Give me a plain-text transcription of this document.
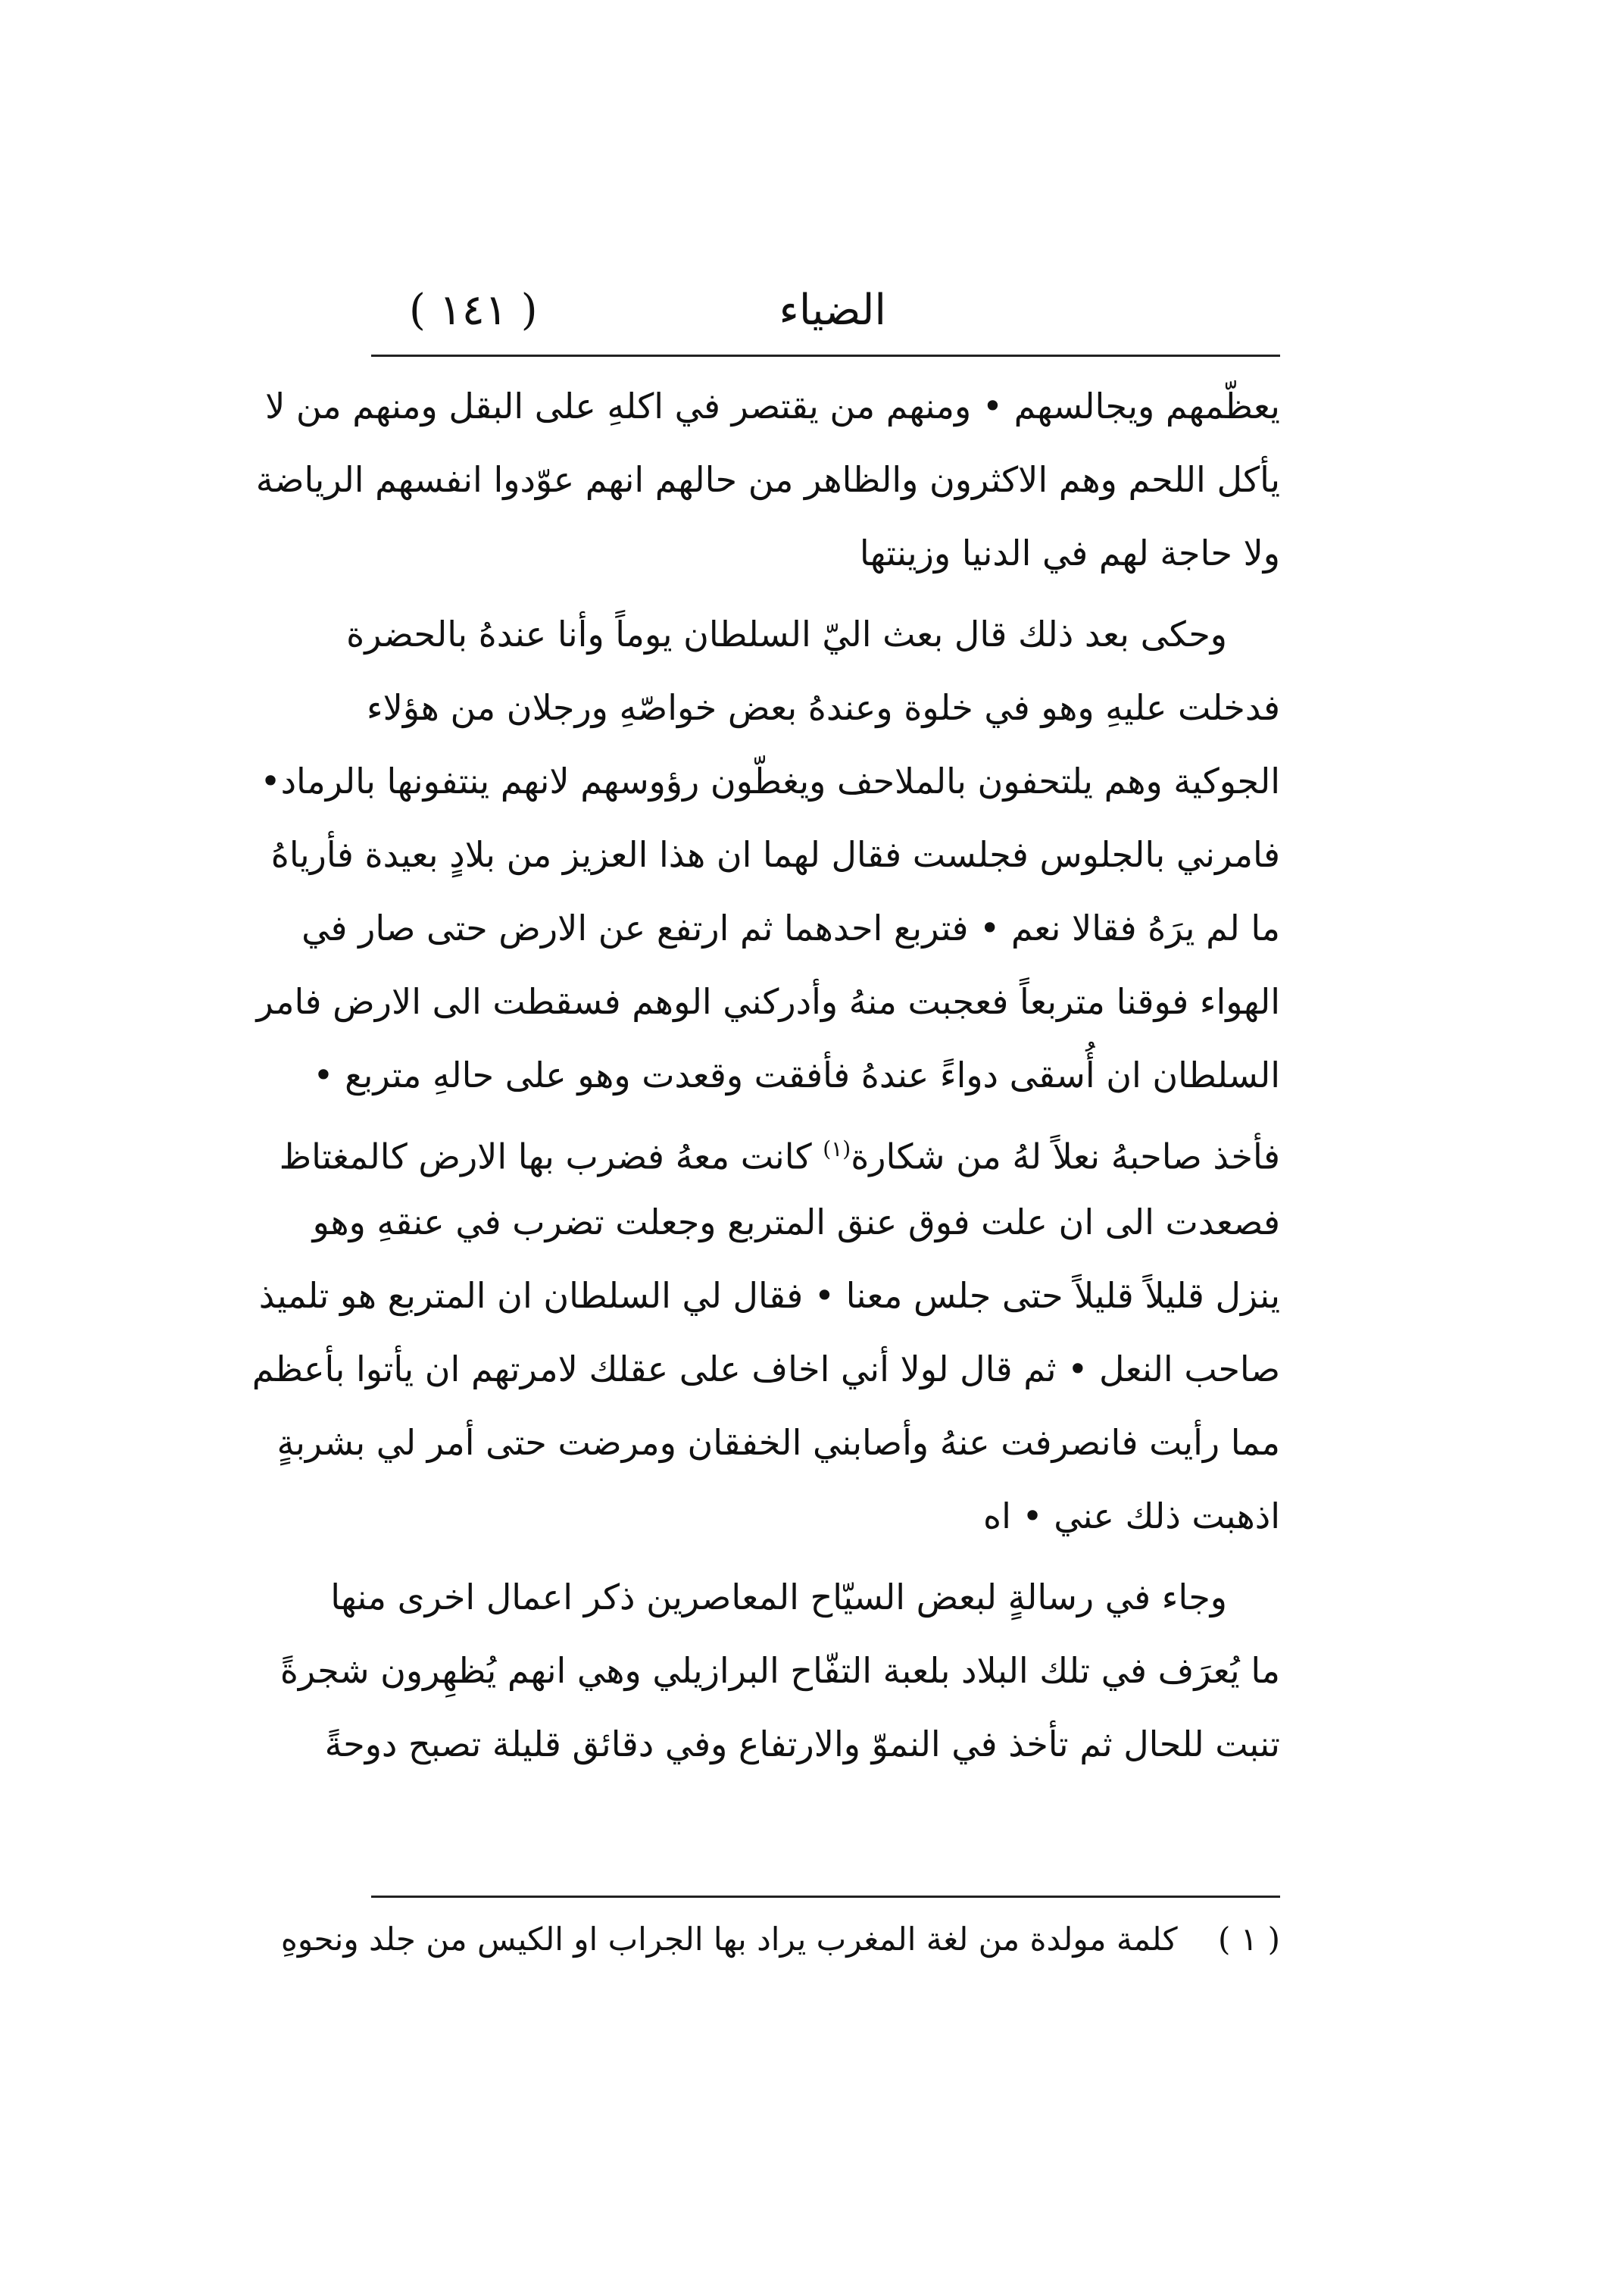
الضياء
( ١٤١ )
يعظّمهم ويجالسهم • ومنهم من يقتصر في اكلهِ على البقل ومنهم من لا
يأكل اللحم وهم الاكثرون والظاهر من حالهم انهم عوّدوا انفسهم الرياضة
ولا حاجة لهم في الدنيا وزينتها
وحكى بعد ذلك قال بعث اليّ السلطان يوماً وأنا عندهُ بالحضرة
فدخلت عليهِ وهو في خلوة وعندهُ بعض خواصّهِ ورجلان من هؤلاء
الجوكية وهم يلتحفون بالملاحف ويغطّون رؤوسهم لانهم ينتفونها بالرماد•
فامرني بالجلوس فجلست فقال لهما ان هذا العزيز من بلادٍ بعيدة فأرياهُ
ما لم يرَهُ فقالا نعم • فتربع احدهما ثم ارتفع عن الارض حتى صار في
الهواء فوقنا متربعاً فعجبت منهُ وأدركني الوهم فسقطت الى الارض فامر
السلطان ان أُسقى دواءً عندهُ فأفقت وقعدت وهو على حالهِ متربع •
فأخذ صاحبهُ نعلاً لهُ من شكارة$^{(١)}$ كانت معهُ فضرب بها الارض كالمغتاظ
فصعدت الى ان علت فوق عنق المتربع وجعلت تضرب في عنقهِ وهو
ينزل قليلاً قليلاً حتى جلس معنا • فقال لي السلطان ان المتربع هو تلميذ
صاحب النعل • ثم قال لولا أني اخاف على عقلك لامرتهم ان يأتوا بأعظم
مما رأيت فانصرفت عنهُ وأصابني الخفقان ومرضت حتى أمر لي بشربةٍ
اذهبت ذلك عني • اه
وجاء في رسالةٍ لبعض السيّاح المعاصرين ذكر اعمال اخرى منها
ما يُعرَف في تلك البلاد بلعبة التفّاح البرازيلي وهي انهم يُظهِرون شجرةً
تنبت للحال ثم تأخذ في النموّ والارتفاع وفي دقائق قليلة تصبح دوحةً
( ١ ) كلمة مولدة من لغة المغرب يراد بها الجراب او الكيس من جلد ونحوهِ
